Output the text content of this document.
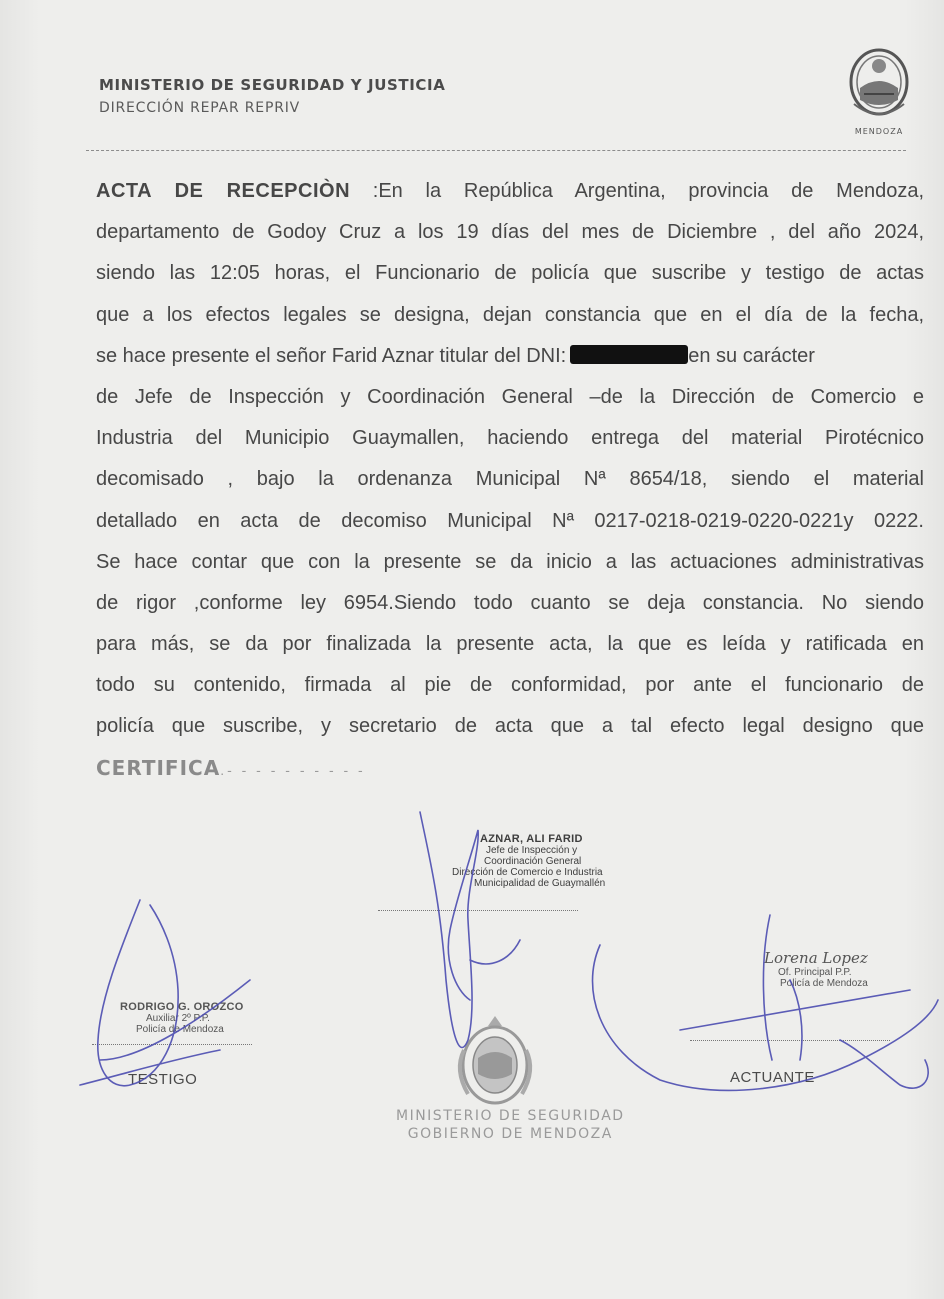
MINISTERIO DE SEGURIDAD Y JUSTICIA
DIRECCIÓN REPAR REPRIV
MENDOZA
ACTA DE RECEPCIÒN :En la República Argentina, provincia de Mendoza,
departamento de Godoy Cruz a los 19 días del mes de Diciembre , del año 2024,
siendo las 12:05 horas, el Funcionario de policía que suscribe y testigo de actas
que a los efectos legales se designa, dejan constancia que en el día de la fecha,
se hace presente el señor Farid Aznar titular del DNI:	en su carácter
de Jefe de Inspección y Coordinación General –de la Dirección de Comercio e
Industria del Municipio Guaymallen, haciendo entrega del material Pirotécnico
decomisado , bajo la ordenanza Municipal Nª 8654/18, siendo el material
detallado en acta de decomiso Municipal Nª 0217-0218-0219-0220-0221y 0222.
Se hace contar que con la presente se da inicio a las actuaciones administrativas
de rigor ,conforme ley 6954.Siendo todo cuanto se deja constancia. No siendo
para más, se da por finalizada la presente acta, la que es leída y ratificada en
todo su contenido, firmada al pie de conformidad, por ante el funcionario de
policía que suscribe, y secretario de acta que a tal efecto legal designo que
CERTIFICA.- - - - - - - - - -
AZNAR, ALI FARID
Jefe de Inspección y
Coordinación General
Dirección de Comercio e Industria
Municipalidad de Guaymallén
RODRIGO G. OROZCO
Auxiliar 2º P.P.
Policía de Mendoza
TESTIGO
Lorena Lopez
Of. Principal P.P.
Policía de Mendoza
ACTUANTE
MINISTERIO DE SEGURIDAD
GOBIERNO DE MENDOZA
